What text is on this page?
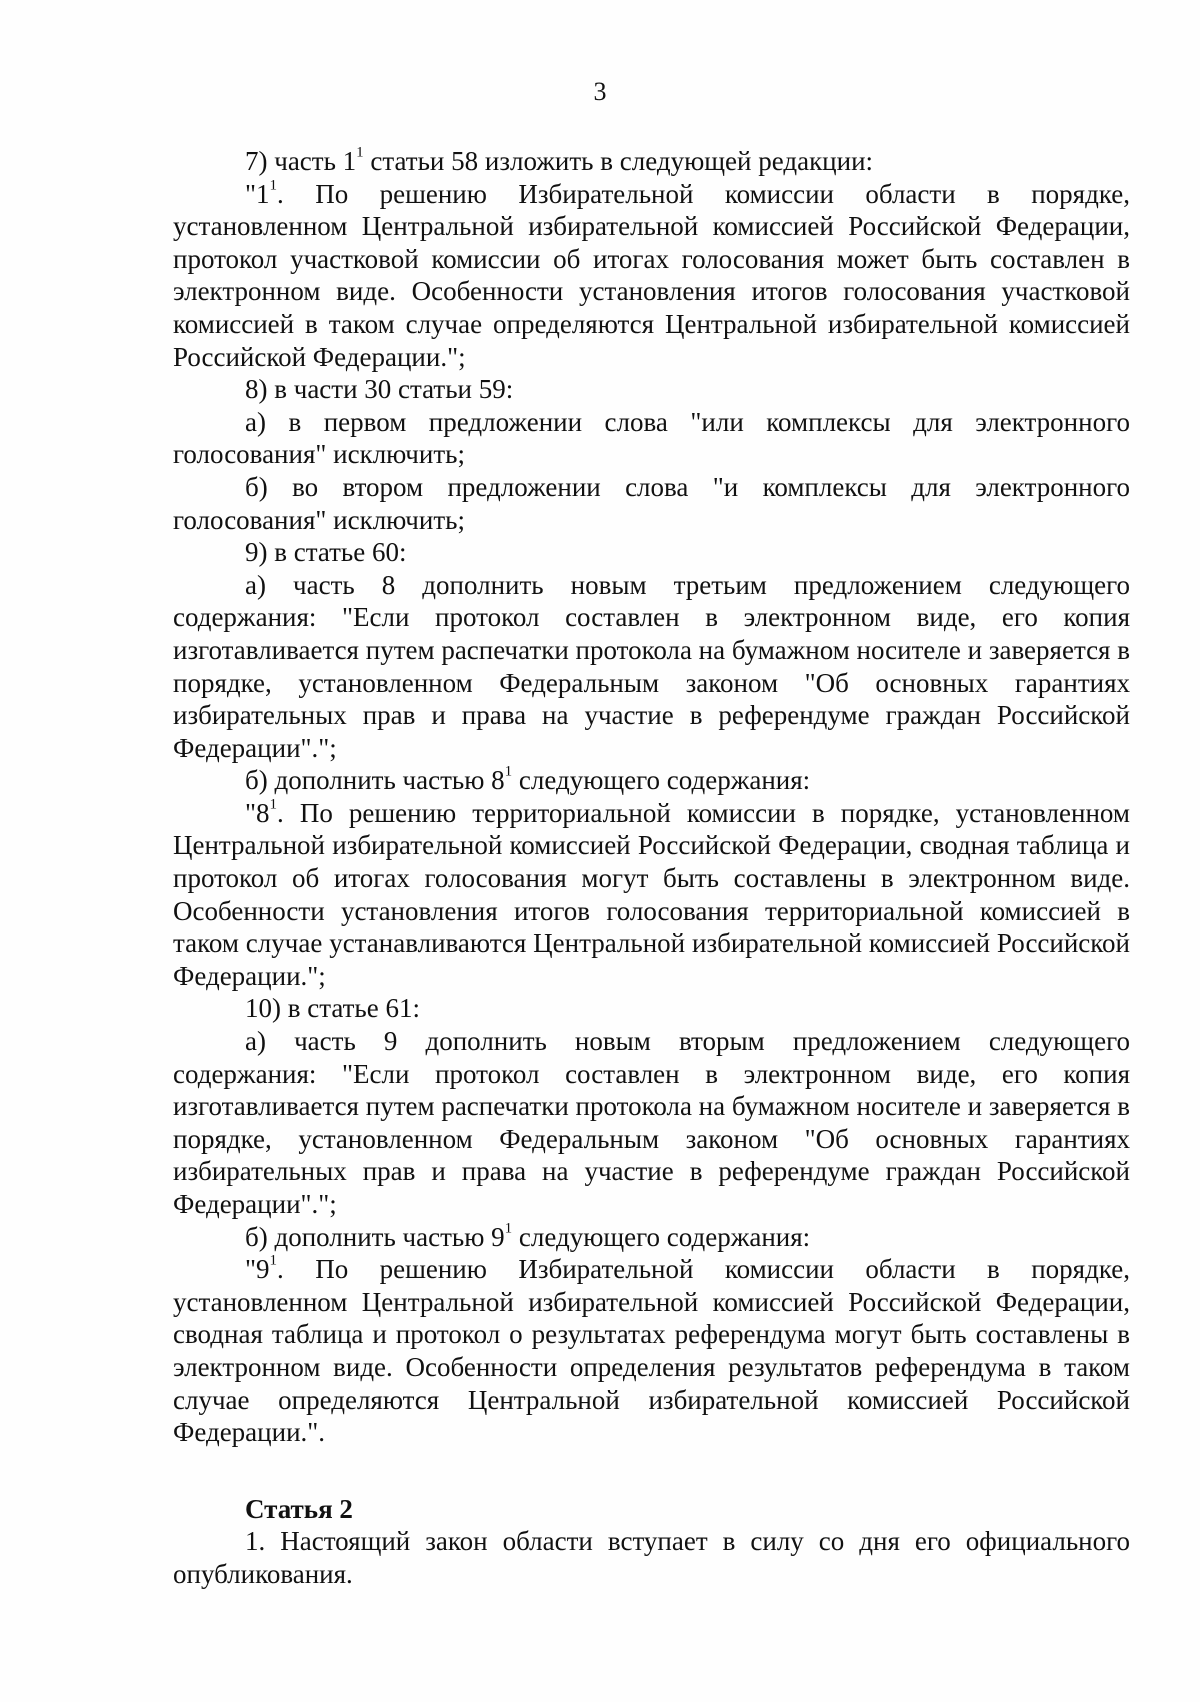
3

7) часть $1^1$ статьи 58 изложить в следующей редакции:

"$1^1$. По решению Избирательной комиссии области в порядке, установленном Центральной избирательной комиссией Российской Федерации, протокол участковой комиссии об итогах голосования может быть составлен в электронном виде. Особенности установления итогов голосования участковой комиссией в таком случае определяются Центральной избирательной комиссией Российской Федерации.";

8) в части 30 статьи 59:

а) в первом предложении слова "или комплексы для электронного голосования" исключить;

б) во втором предложении слова "и комплексы для электронного голосования" исключить;

9) в статье 60:

а) часть 8 дополнить новым третьим предложением следующего содержания: "Если протокол составлен в электронном виде, его копия изготавливается путем распечатки протокола на бумажном носителе и заверяется в порядке, установленном Федеральным законом "Об основных гарантиях избирательных прав и права на участие в референдуме граждан Российской Федерации".";

б) дополнить частью $8^1$ следующего содержания:

"$8^1$. По решению территориальной комиссии в порядке, установленном Центральной избирательной комиссией Российской Федерации, сводная таблица и протокол об итогах голосования могут быть составлены в электронном виде. Особенности установления итогов голосования территориальной комиссией в таком случае устанавливаются Центральной избирательной комиссией Российской Федерации.";

10) в статье 61:

а) часть 9 дополнить новым вторым предложением следующего содержания: "Если протокол составлен в электронном виде, его копия изготавливается путем распечатки протокола на бумажном носителе и заверяется в порядке, установленном Федеральным законом "Об основных гарантиях избирательных прав и права на участие в референдуме граждан Российской Федерации".";

б) дополнить частью $9^1$ следующего содержания:

"$9^1$. По решению Избирательной комиссии области в порядке, установленном Центральной избирательной комиссией Российской Федерации, сводная таблица и протокол о результатах референдума могут быть составлены в электронном виде. Особенности определения результатов референдума в таком случае определяются Центральной избирательной комиссией Российской Федерации.".

Статья 2

1. Настоящий закон области вступает в силу со дня его официального опубликования.
